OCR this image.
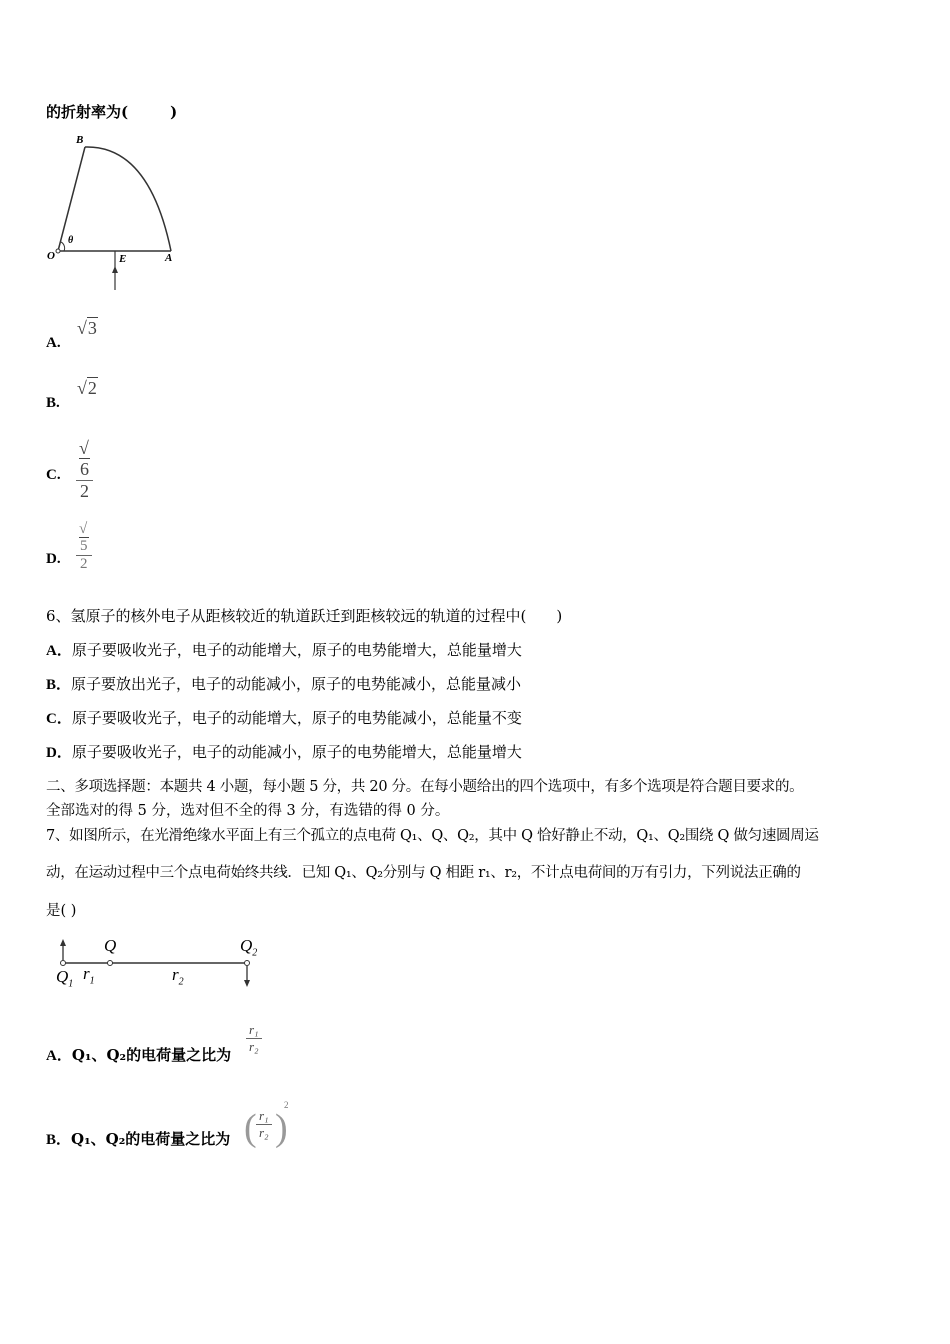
的折射率为(	)
B
O
θ
E	A
A.
√3
B.
√2
C. $\frac{√6}{2}$
D. $\frac{√5}{2}$
6、氢原子的核外电子从距核较近的轨道跃迁到距核较远的轨道的过程中( )
A．原子要吸收光子，电子的动能增大，原子的电势能增大，总能量增大
B．原子要放出光子，电子的动能减小，原子的电势能减小，总能量减小
C．原子要吸收光子，电子的动能增大，原子的电势能减小，总能量不变
D．原子要吸收光子，电子的动能减小，原子的电势能增大，总能量增大
二、多项选择题：本题共 4 小题，每小题 5 分，共 20 分。在每小题给出的四个选项中，有多个选项是符合题目要求的。
全部选对的得 5 分，选对但不全的得 3 分，有选错的得 0 分。
7、如图所示，在光滑绝缘水平面上有三个孤立的点电荷 Q₁、Q、Q₂，其中 Q 恰好静止不动，Q₁、Q₂围绕 Q 做匀速圆周运
动，在运动过程中三个点电荷始终共线．已知 Q₁、Q₂分别与 Q 相距 r₁、r₂，不计点电荷间的万有引力，下列说法正确的
是( )
Q	$Q_2$
$Q_1$
$r_1$	$r_2$
A．Q₁、Q₂的电荷量之比为 $\frac{\text{r₁}}{\text{r₂}}$
B．Q₁、Q₂的电荷量之比为 ( $\frac{\text{r₁}}{\text{r₂}}$ )
2
